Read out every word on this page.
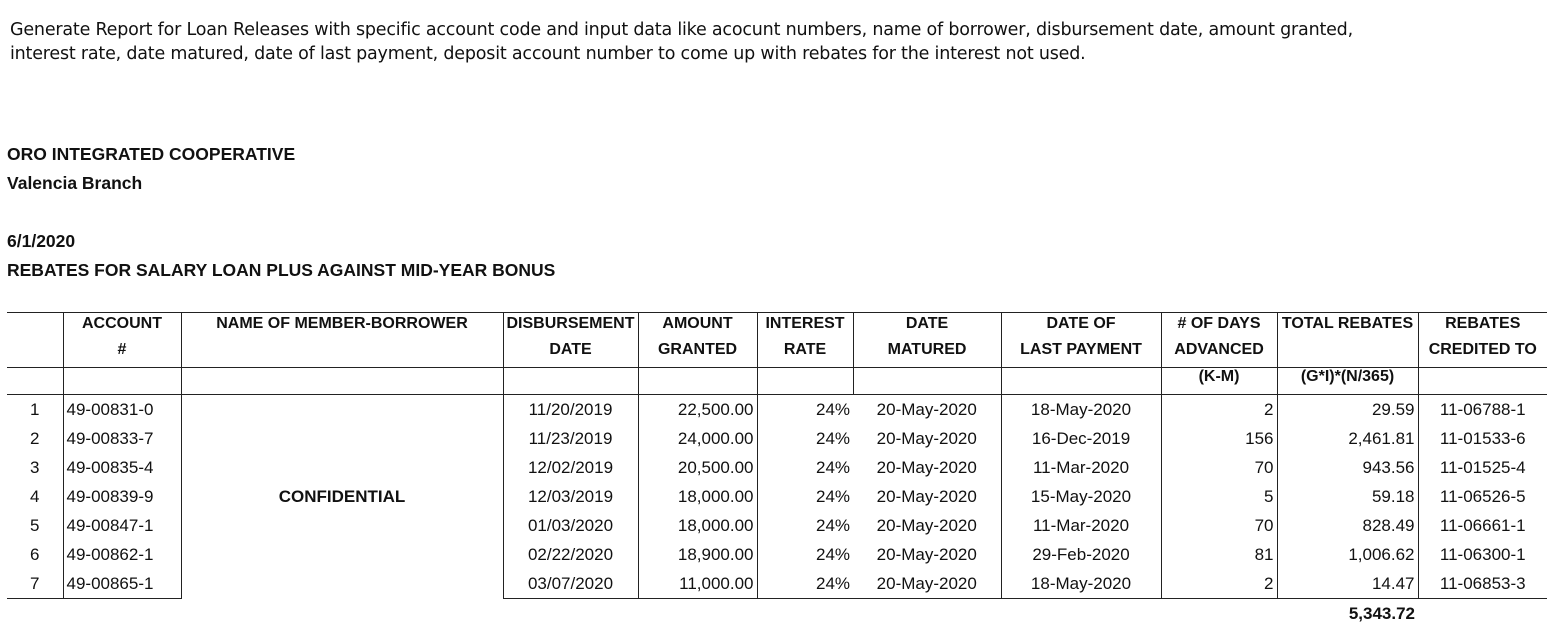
Generate Report for Loan Releases with specific account code and input data like acocunt numbers, name of borrower, disbursement date, amount granted,
interest rate, date matured, date of last payment, deposit account number to come up with rebates for the interest not used.
ORO INTEGRATED COOPERATIVE
Valencia Branch
6/1/2020
REBATES FOR SALARY LOAN PLUS AGAINST MID-YEAR BONUS
	ACCOUNT	NAME OF MEMBER-BORROWER	DISBURSEMENT	AMOUNT	INTEREST	DATE	DATE OF	# OF DAYS	TOTAL REBATES	REBATES
	#		DATE	GRANTED	RATE	MATURED	LAST PAYMENT	ADVANCED		CREDITED TO
								(K-M)	(G*I)*(N/365)	
1	49-00831-0	CONFIDENTIAL	11/20/2019	22,500.00	24%	20-May-2020	18-May-2020	2	29.59	11-06788-1
2	49-00833-7		11/23/2019	24,000.00	24%	20-May-2020	16-Dec-2019	156	2,461.81	11-01533-6
3	49-00835-4		12/02/2019	20,500.00	24%	20-May-2020	11-Mar-2020	70	943.56	11-01525-4
4	49-00839-9		12/03/2019	18,000.00	24%	20-May-2020	15-May-2020	5	59.18	11-06526-5
5	49-00847-1		01/03/2020	18,000.00	24%	20-May-2020	11-Mar-2020	70	828.49	11-06661-1
6	49-00862-1		02/22/2020	18,900.00	24%	20-May-2020	29-Feb-2020	81	1,006.62	11-06300-1
7	49-00865-1		03/07/2020	11,000.00	24%	20-May-2020	18-May-2020	2	14.47	11-06853-3
									5,343.72	
